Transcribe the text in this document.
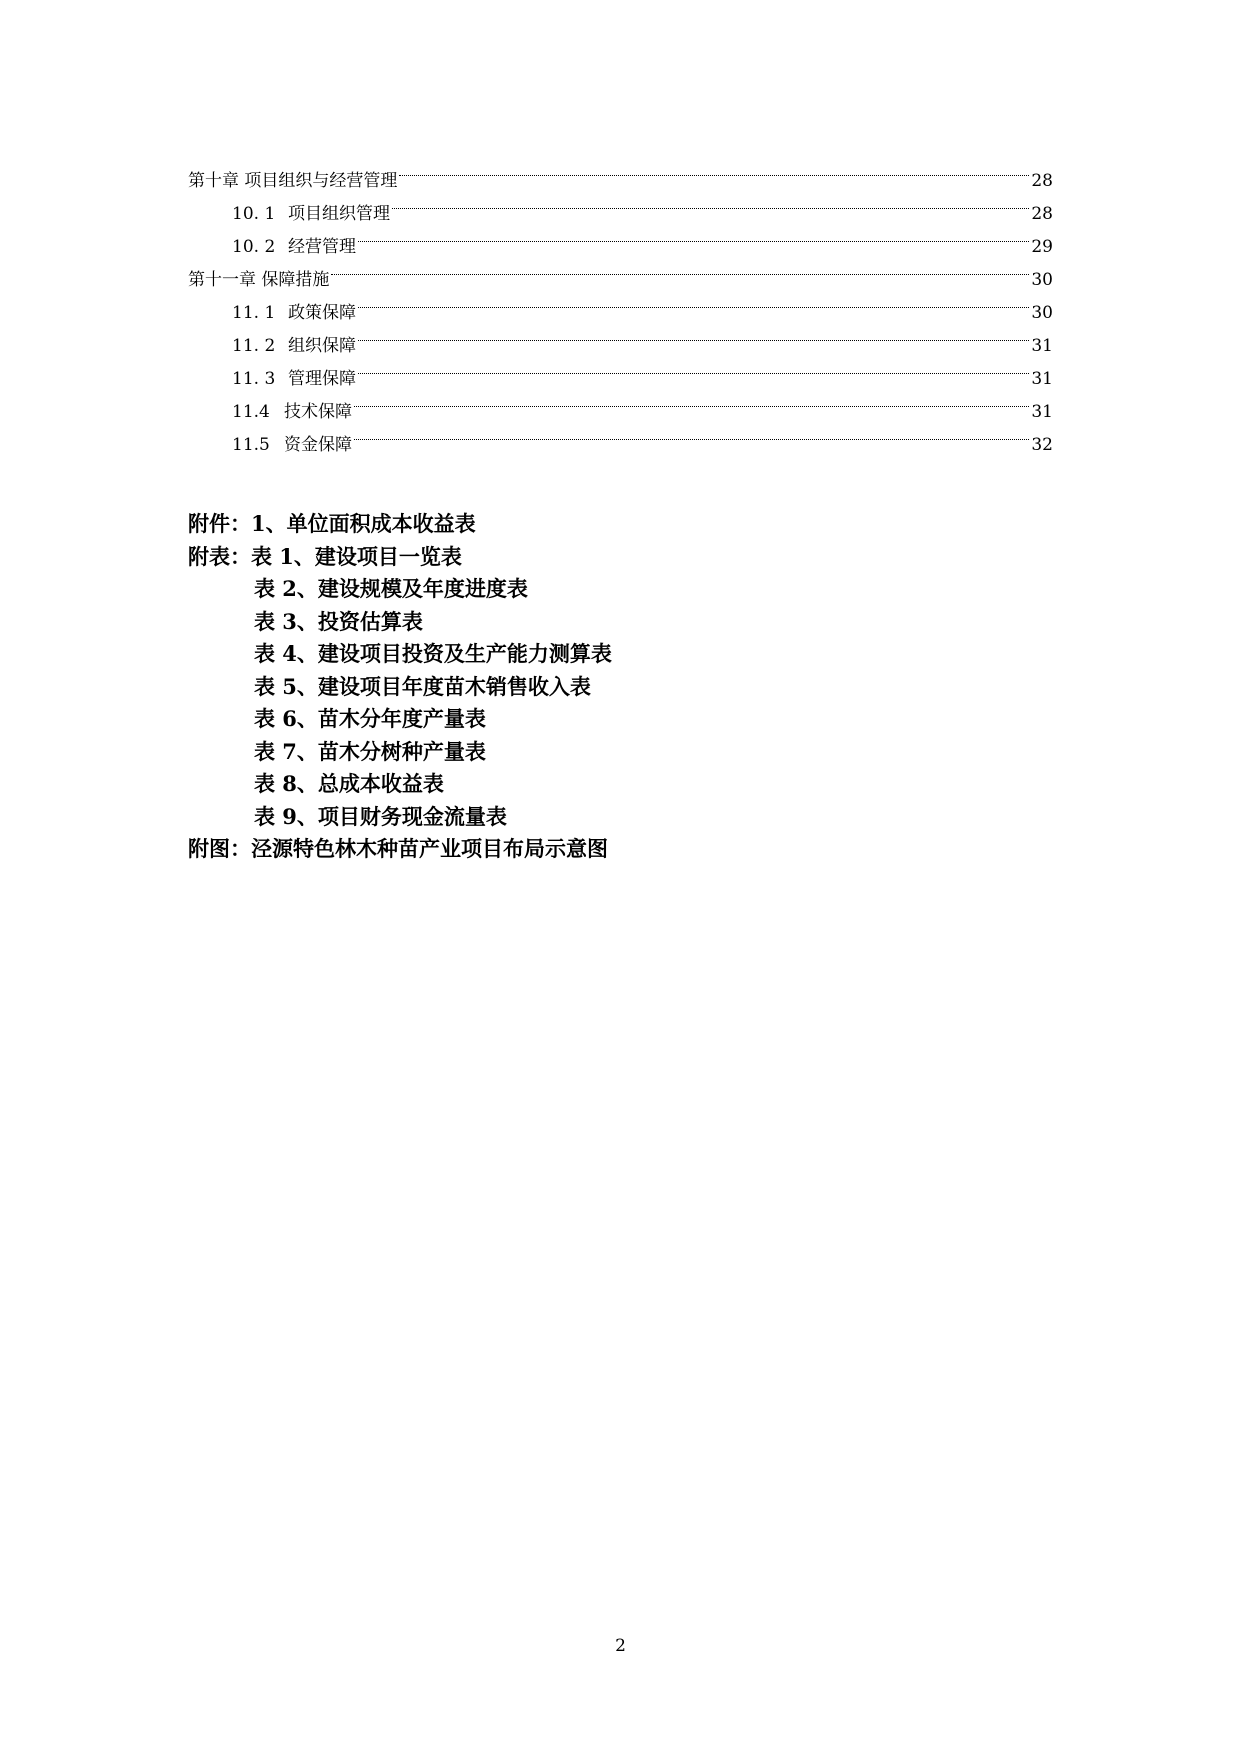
第十章 项目组织与经营管理	28
10. 1 项目组织管理	28
10. 2 经营管理	29
第十一章 保障措施	30
11. 1 政策保障	30
11. 2 组织保障	31
11. 3 管理保障	31
11.4 技术保障	31
11.5 资金保障	32
附件：1、单位面积成本收益表
附表：表 1、建设项目一览表
表 2、建设规模及年度进度表
表 3、投资估算表
表 4、建设项目投资及生产能力测算表
表 5、建设项目年度苗木销售收入表
表 6、苗木分年度产量表
表 7、苗木分树种产量表
表 8、总成本收益表
表 9、项目财务现金流量表
附图：泾源特色林木种苗产业项目布局示意图
2
